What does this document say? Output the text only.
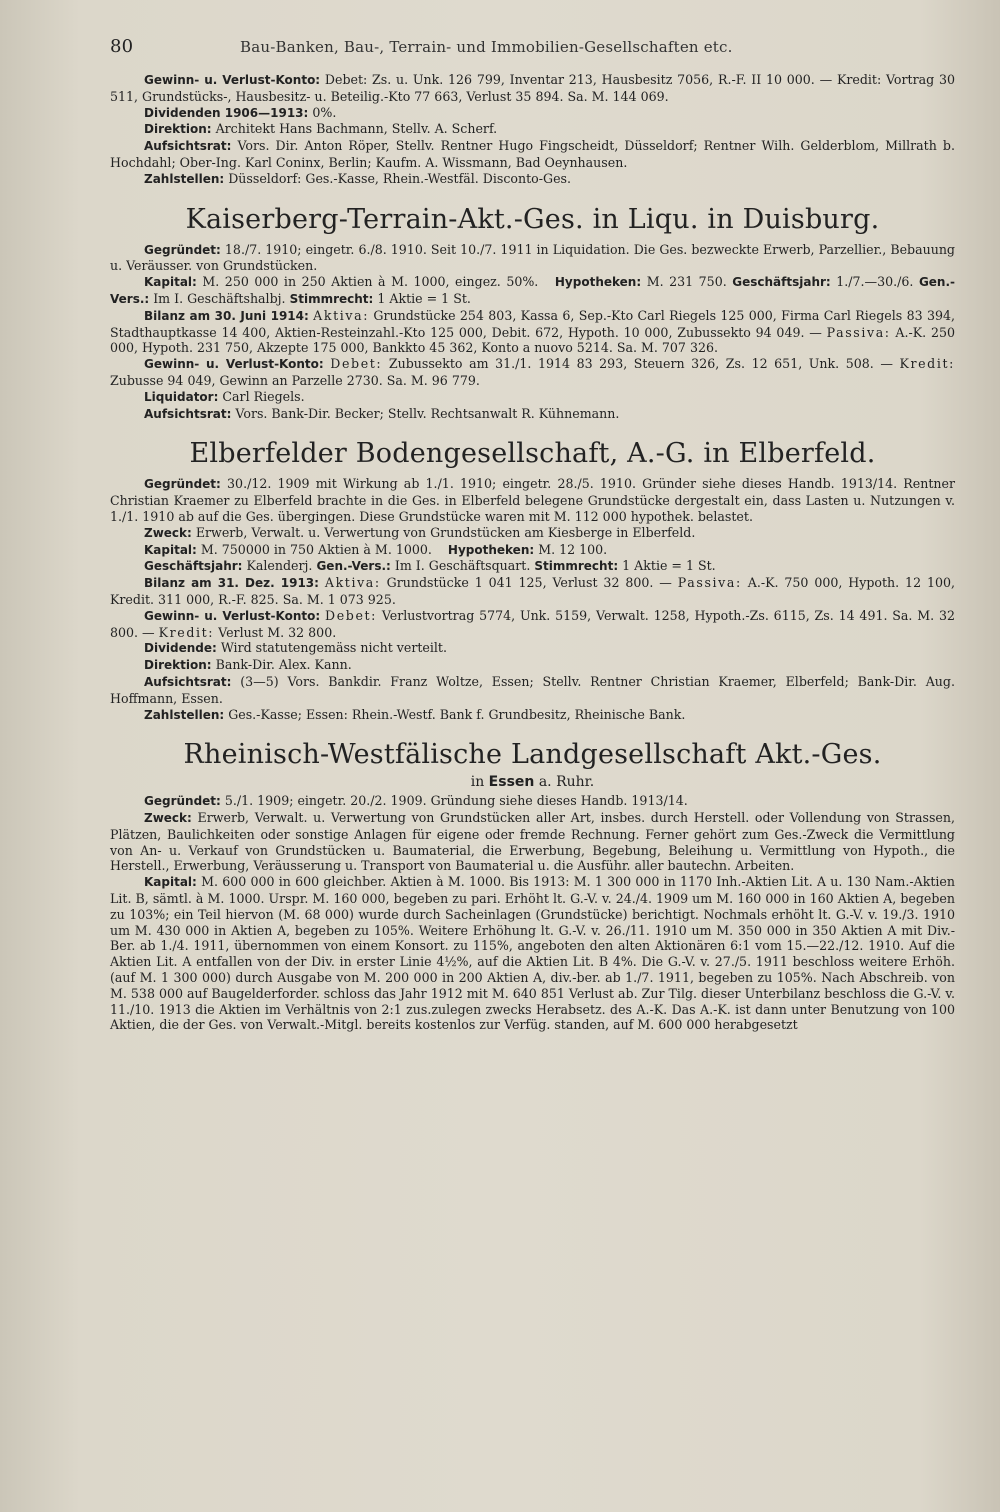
80	Bau-Banken, Bau-, Terrain- und Immobilien-Gesellschaften etc.

Gewinn- u. Verlust-Konto: Debet: Zs. u. Unk. 126 799, Inventar 213, Hausbesitz 7056, R.-F. II 10 000. — Kredit: Vortrag 30 511, Grundstücks-, Hausbesitz- u. Beteilig.-Kto 77 663, Verlust 35 894. Sa. M. 144 069.

Dividenden 1906—1913: 0%.

Direktion: Architekt Hans Bachmann, Stellv. A. Scherf.

Aufsichtsrat: Vors. Dir. Anton Röper, Stellv. Rentner Hugo Fingscheidt, Düsseldorf; Rentner Wilh. Gelderblom, Millrath b. Hochdahl; Ober-Ing. Karl Coninx, Berlin; Kaufm. A. Wissmann, Bad Oeynhausen.

Zahlstellen: Düsseldorf: Ges.-Kasse, Rhein.-Westfäl. Disconto-Ges.

Kaiserberg-Terrain-Akt.-Ges. in Liqu. in Duisburg.

Gegründet: 18./7. 1910; eingetr. 6./8. 1910. Seit 10./7. 1911 in Liquidation. Die Ges. bezweckte Erwerb, Parzellier., Bebauung u. Veräusser. von Grundstücken.

Kapital: M. 250 000 in 250 Aktien à M. 1000, eingez. 50%. Hypotheken: M. 231 750. Geschäftsjahr: 1./7.—30./6. Gen.-Vers.: Im I. Geschäftshalbj. Stimmrecht: 1 Aktie = 1 St.

Bilanz am 30. Juni 1914: Aktiva: Grundstücke 254 803, Kassa 6, Sep.-Kto Carl Riegels 125 000, Firma Carl Riegels 83 394, Stadthauptkasse 14 400, Aktien-Resteinzahl.-Kto 125 000, Debit. 672, Hypoth. 10 000, Zubussekto 94 049. — Passiva: A.-K. 250 000, Hypoth. 231 750, Akzepte 175 000, Bankkto 45 362, Konto a nuovo 5214. Sa. M. 707 326.

Gewinn- u. Verlust-Konto: Debet: Zubussekto am 31./1. 1914 83 293, Steuern 326, Zs. 12 651, Unk. 508. — Kredit: Zubusse 94 049, Gewinn an Parzelle 2730. Sa. M. 96 779.

Liquidator: Carl Riegels.

Aufsichtsrat: Vors. Bank-Dir. Becker; Stellv. Rechtsanwalt R. Kühnemann.

Elberfelder Bodengesellschaft, A.-G. in Elberfeld.

Gegründet: 30./12. 1909 mit Wirkung ab 1./1. 1910; eingetr. 28./5. 1910. Gründer siehe dieses Handb. 1913/14. Rentner Christian Kraemer zu Elberfeld brachte in die Ges. in Elberfeld belegene Grundstücke dergestalt ein, dass Lasten u. Nutzungen v. 1./1. 1910 ab auf die Ges. übergingen. Diese Grundstücke waren mit M. 112 000 hypothek. belastet.

Zweck: Erwerb, Verwalt. u. Verwertung von Grundstücken am Kiesberge in Elberfeld.

Kapital: M. 750000 in 750 Aktien à M. 1000. Hypotheken: M. 12 100.

Geschäftsjahr: Kalenderj. Gen.-Vers.: Im I. Geschäftsquart. Stimmrecht: 1 Aktie = 1 St.

Bilanz am 31. Dez. 1913: Aktiva: Grundstücke 1 041 125, Verlust 32 800. — Passiva: A.-K. 750 000, Hypoth. 12 100, Kredit. 311 000, R.-F. 825. Sa. M. 1 073 925.

Gewinn- u. Verlust-Konto: Debet: Verlustvortrag 5774, Unk. 5159, Verwalt. 1258, Hypoth.-Zs. 6115, Zs. 14 491. Sa. M. 32 800. — Kredit: Verlust M. 32 800.

Dividende: Wird statutengemäss nicht verteilt.

Direktion: Bank-Dir. Alex. Kann.

Aufsichtsrat: (3—5) Vors. Bankdir. Franz Woltze, Essen; Stellv. Rentner Christian Kraemer, Elberfeld; Bank-Dir. Aug. Hoffmann, Essen.

Zahlstellen: Ges.-Kasse; Essen: Rhein.-Westf. Bank f. Grundbesitz, Rheinische Bank.

Rheinisch-Westfälische Landgesellschaft Akt.-Ges.
in Essen a. Ruhr.

Gegründet: 5./1. 1909; eingetr. 20./2. 1909. Gründung siehe dieses Handb. 1913/14.

Zweck: Erwerb, Verwalt. u. Verwertung von Grundstücken aller Art, insbes. durch Herstell. oder Vollendung von Strassen, Plätzen, Baulichkeiten oder sonstige Anlagen für eigene oder fremde Rechnung. Ferner gehört zum Ges.-Zweck die Vermittlung von An- u. Verkauf von Grundstücken u. Baumaterial, die Erwerbung, Begebung, Beleihung u. Vermittlung von Hypoth., die Herstell., Erwerbung, Veräusserung u. Transport von Baumaterial u. die Ausführ. aller bautechn. Arbeiten.

Kapital: M. 600 000 in 600 gleichber. Aktien à M. 1000. Bis 1913: M. 1 300 000 in 1170 Inh.-Aktien Lit. A u. 130 Nam.-Aktien Lit. B, sämtl. à M. 1000. Urspr. M. 160 000, begeben zu pari. Erhöht lt. G.-V. v. 24./4. 1909 um M. 160 000 in 160 Aktien A, begeben zu 103%; ein Teil hiervon (M. 68 000) wurde durch Sacheinlagen (Grundstücke) berichtigt. Nochmals erhöht lt. G.-V. v. 19./3. 1910 um M. 430 000 in Aktien A, begeben zu 105%. Weitere Erhöhung lt. G.-V. v. 26./11. 1910 um M. 350 000 in 350 Aktien A mit Div.-Ber. ab 1./4. 1911, übernommen von einem Konsort. zu 115%, angeboten den alten Aktionären 6:1 vom 15.—22./12. 1910. Auf die Aktien Lit. A entfallen von der Div. in erster Linie 4½%, auf die Aktien Lit. B 4%. Die G.-V. v. 27./5. 1911 beschloss weitere Erhöh. (auf M. 1 300 000) durch Ausgabe von M. 200 000 in 200 Aktien A, div.-ber. ab 1./7. 1911, begeben zu 105%. Nach Abschreib. von M. 538 000 auf Baugelderforder. schloss das Jahr 1912 mit M. 640 851 Verlust ab. Zur Tilg. dieser Unterbilanz beschloss die G.-V. v. 11./10. 1913 die Aktien im Verhältnis von 2:1 zus.zulegen zwecks Herabsetz. des A.-K. Das A.-K. ist dann unter Benutzung von 100 Aktien, die der Ges. von Verwalt.-Mitgl. bereits kostenlos zur Verfüg. standen, auf M. 600 000 herabgesetzt
